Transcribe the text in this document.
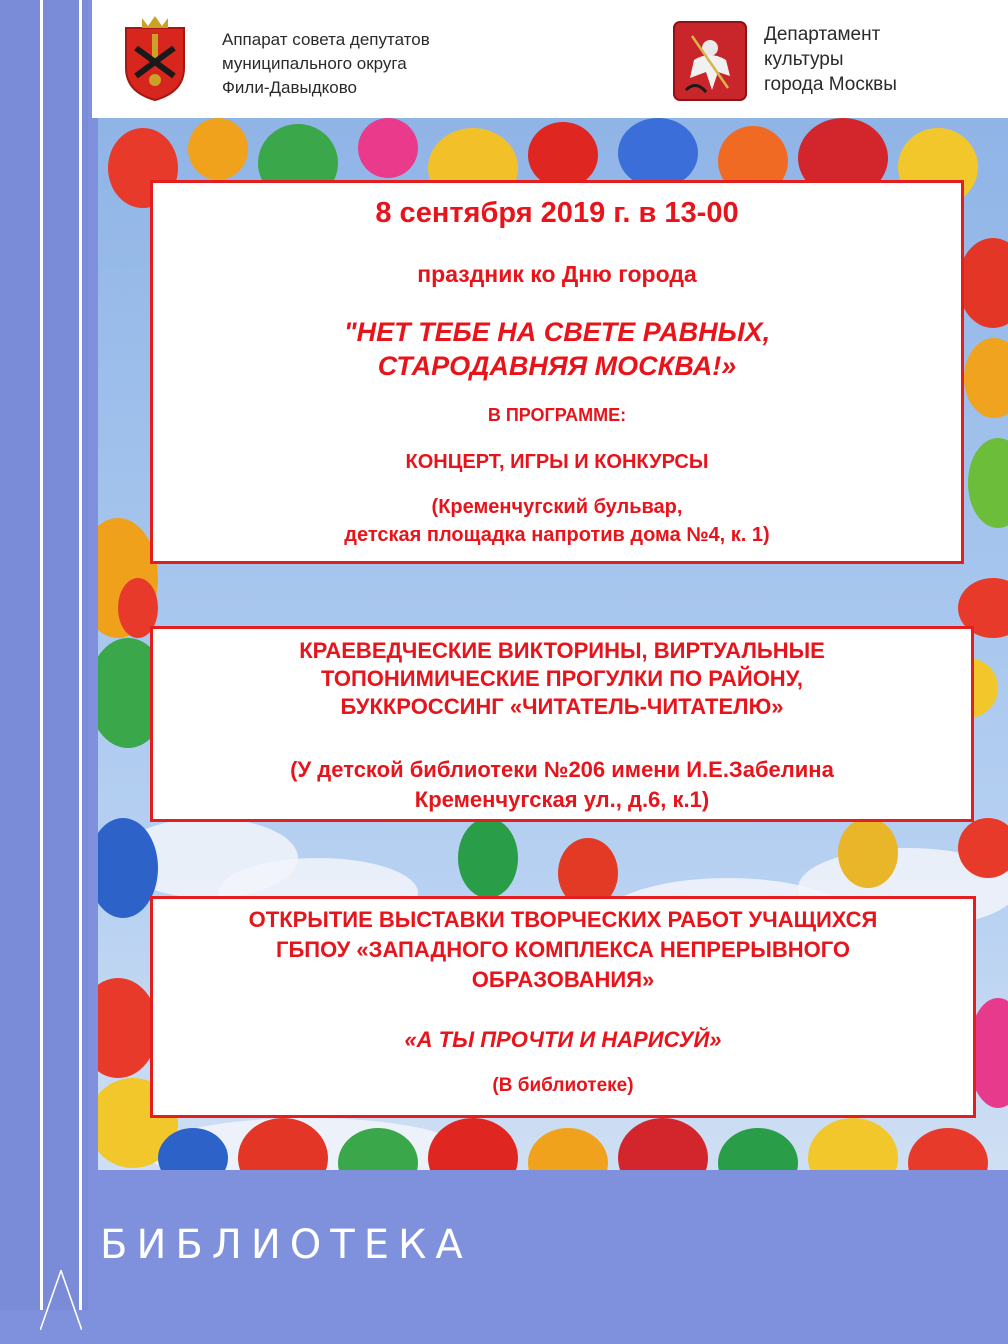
Аппарат совета депутатов
муниципального округа
Фили-Давыдково
Департамент
культуры
города Москвы
8 сентября 2019 г. в 13-00
праздник ко Дню города
"НЕТ ТЕБЕ НА СВЕТЕ РАВНЫХ,
СТАРОДАВНЯЯ МОСКВА!»
В ПРОГРАММЕ:
КОНЦЕРТ, ИГРЫ И КОНКУРСЫ
(Кременчугский бульвар,
детская площадка напротив дома №4, к. 1)
КРАЕВЕДЧЕСКИЕ ВИКТОРИНЫ, ВИРТУАЛЬНЫЕ
ТОПОНИМИЧЕСКИЕ ПРОГУЛКИ ПО РАЙОНУ,
БУККРОССИНГ «ЧИТАТЕЛЬ-ЧИТАТЕЛЮ»
(У детской библиотеки №206 имени И.Е.Забелина
Кременчугская ул., д.6, к.1)
ОТКРЫТИЕ ВЫСТАВКИ ТВОРЧЕСКИХ РАБОТ УЧАЩИХСЯ
ГБПОУ «ЗАПАДНОГО КОМПЛЕКСА НЕПРЕРЫВНОГО
ОБРАЗОВАНИЯ»
«А ТЫ ПРОЧТИ И НАРИСУЙ»
(В библиотеке)
БИБЛИОТЕКА
